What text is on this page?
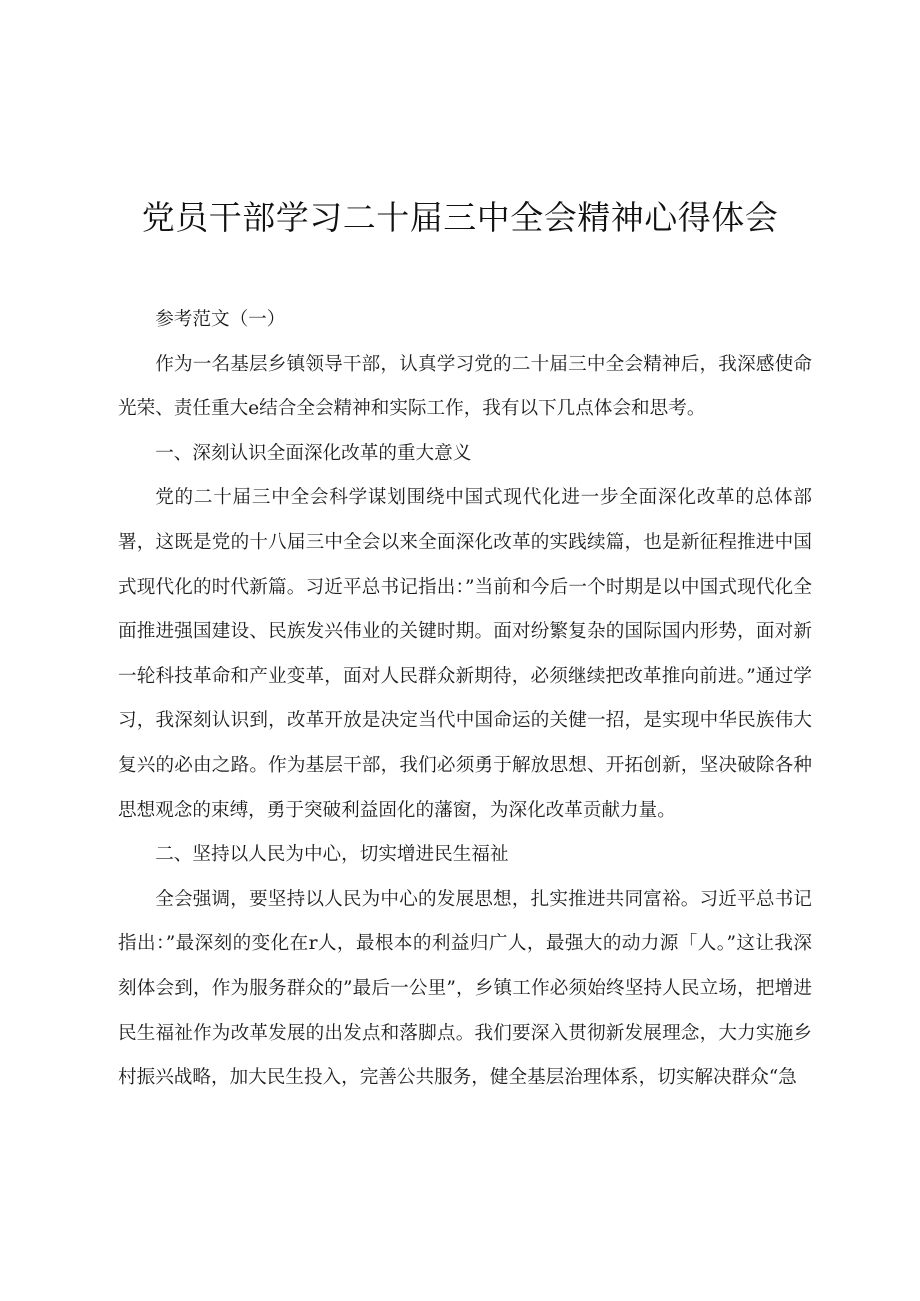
党员干部学习二十届三中全会精神心得体会

参考范文（一）

作为一名基层乡镇领导干部，认真学习党的二十届三中全会精神后，我深感使命光荣、责任重大e结合全会精神和实际工作，我有以下几点体会和思考。

一、深刻认识全面深化改革的重大意义

党的二十届三中全会科学谋划围绕中国式现代化进一步全面深化改革的总体部署，这既是党的十八届三中全会以来全面深化改革的实践续篇，也是新征程推进中国式现代化的时代新篇。习近平总书记指出：”当前和今后一个时期是以中国式现代化全面推进强国建设、民族发兴伟业的关键时期。面对纷繁复杂的国际国内形势，面对新一轮科技革命和产业变革，面对人民群众新期待，必须继续把改革推向前进。”通过学习，我深刻认识到，改革开放是决定当代中国命运的关健一招，是实现中华民族伟大复兴的必由之路。作为基层干部，我们必须勇于解放思想、开拓创新，坚决破除各种思想观念的束缚，勇于突破利益固化的藩窗，为深化改革贡献力量。

二、坚持以人民为中心，切实增进民生福祉

全会强调，要坚持以人民为中心的发展思想，扎实推进共同富裕。习近平总书记指出：”最深刻的变化在r人，最根本的利益归广人，最强大的动力源「人。”这让我深刻体会到，作为服务群众的”最后一公里”，乡镇工作必须始终坚持人民立场，把增进民生福祉作为改革发展的出发点和落脚点。我们要深入贯彻新发展理念，大力实施乡村振兴战略，加大民生投入，完善公共服务，健全基层治理体系，切实解决群众“急
